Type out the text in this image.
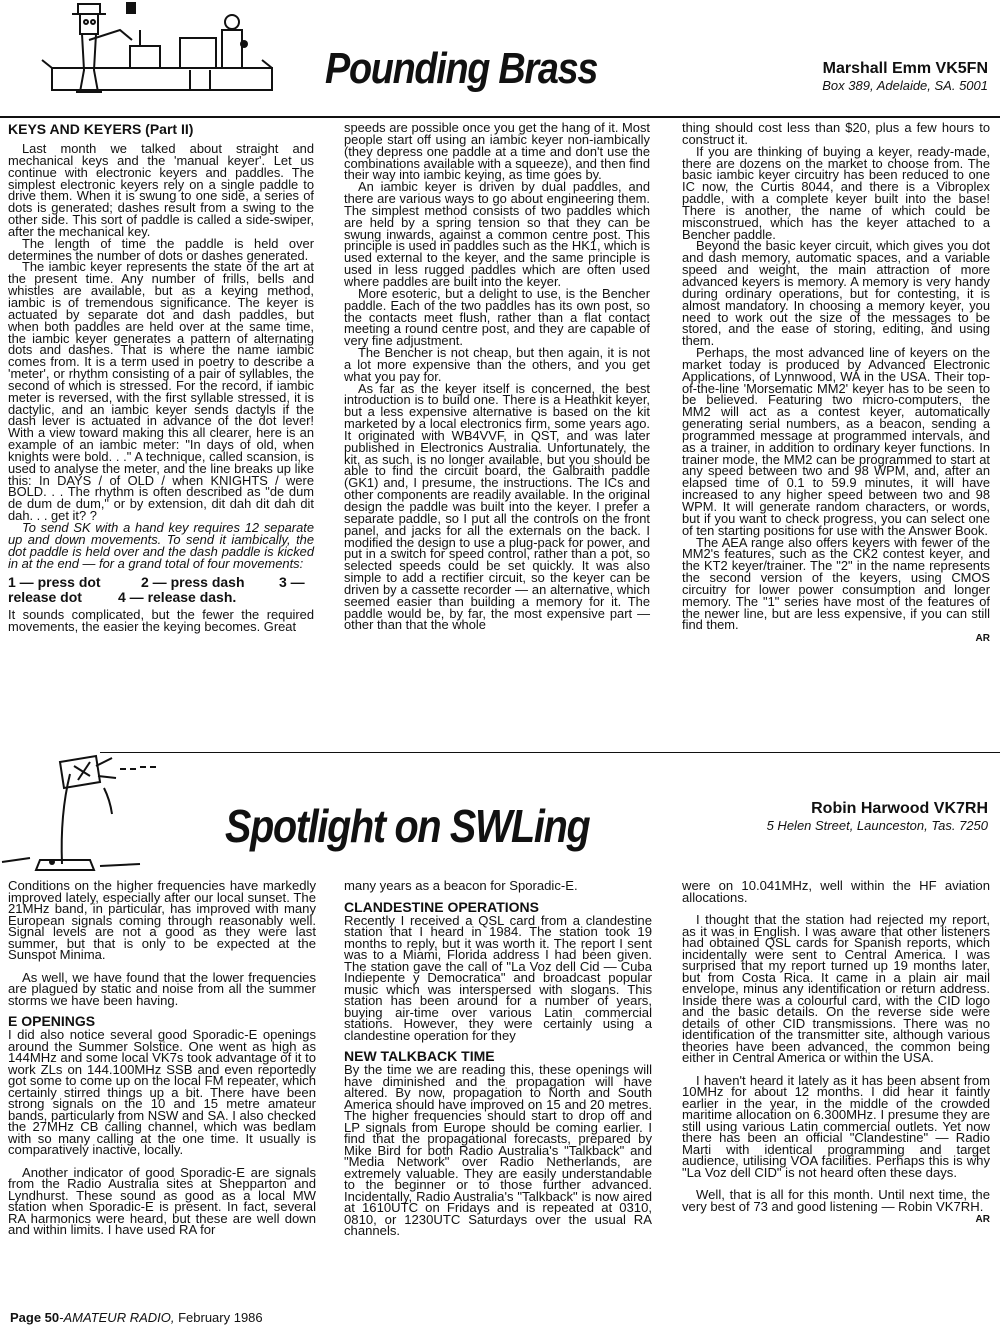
Pounding Brass	Marshall Emm VK5FN
Box 389, Adelaide, SA. 5001
KEYS AND KEYERS (Part II)

Last month we talked about straight and mechanical keys and the 'manual keyer'. Let us continue with electronic keyers and paddles. The simplest electronic keyers rely on a single paddle to drive them. When it is swung to one side, a series of dots is generated; dashes result from a swing to the other side. This sort of paddle is called a side-swiper, after the mechanical key.

The length of time the paddle is held over determines the number of dots or dashes generated.

The iambic keyer represents the state of the art at the present time. Any number of frills, bells and whistles are available, but as a keying method, iambic is of tremendous significance. The keyer is actuated by separate dot and dash paddles, but when both paddles are held over at the same time, the iambic keyer generates a pattern of alternating dots and dashes. That is where the name iambic comes from. It is a term used in poetry to describe a 'meter', or rhythm consisting of a pair of syllables, the second of which is stressed. For the record, if iambic meter is reversed, with the first syllable stressed, it is dactylic, and an iambic keyer sends dactyls if the dash lever is actuated in advance of the dot lever! With a view toward making this all clearer, here is an example of an iambic meter: "In days of old, when knights were bold. . ." A technique, called scansion, is used to analyse the meter, and the line breaks up like this: In DAYS / of OLD / when KNIGHTS / were BOLD. . . The rhythm is often described as "de dum de dum de dum," or by extension, dit dah dit dah dit dah. . . get it? ?

To send SK with a hand key requires 12 separate up and down movements. To send it iambically, the dot paddle is held over and the dash paddle is kicked in at the end — for a grand total of four movements:

1 — press dot	2 — press dash 3 —
release dot	4 — release dash.

It sounds complicated, but the fewer the required movements, the easier the keying becomes. Great

speeds are possible once you get the hang of it. Most people start off using an iambic keyer non-iambically (they depress one paddle at a time and don't use the combinations available with a squeeze), and then find their way into iambic keying, as time goes by.

An iambic keyer is driven by dual paddles, and there are various ways to go about engineering them. The simplest method consists of two paddles which are held by a spring tension so that they can be swung inwards, against a common centre post. This principle is used in paddles such as the HK1, which is used external to the keyer, and the same principle is used in less rugged paddles which are often used where paddles are built into the keyer.

More esoteric, but a delight to use, is the Bencher paddle. Each of the two paddles has its own post, so the contacts meet flush, rather than a flat contact meeting a round centre post, and they are capable of very fine adjustment.

The Bencher is not cheap, but then again, it is not a lot more expensive than the others, and you get what you pay for.

As far as the keyer itself is concerned, the best introduction is to build one. There is a Heathkit keyer, but a less expensive alternative is based on the kit marketed by a local electronics firm, some years ago. It originated with WB4VVF, in QST, and was later published in Electronics Australia. Unfortunately, the kit, as such, is no longer available, but you should be able to find the circuit board, the Galbraith paddle (GK1) and, I presume, the instructions. The ICs and other components are readily available. In the original design the paddle was built into the keyer. I prefer a separate paddle, so I put all the controls on the front panel, and jacks for all the externals on the back. I modified the design to use a plug-pack for power, and put in a switch for speed control, rather than a pot, so selected speeds could be set quickly. It was also simple to add a rectifier circuit, so the keyer can be driven by a cassette recorder — an alternative, which seemed easier than building a memory for it. The paddle would be, by far, the most expensive part — other than that the whole

thing should cost less than $20, plus a few hours to construct it.

If you are thinking of buying a keyer, ready-made, there are dozens on the market to choose from. The basic iambic keyer circuitry has been reduced to one IC now, the Curtis 8044, and there is a Vibroplex paddle, with a complete keyer built into the base! There is another, the name of which could be misconstrued, which has the keyer attached to a Bencher paddle.

Beyond the basic keyer circuit, which gives you dot and dash memory, automatic spaces, and a variable speed and weight, the main attraction of more advanced keyers is memory. A memory is very handy during ordinary operations, but for contesting, it is almost mandatory. In choosing a memory keyer, you need to work out the size of the messages to be stored, and the ease of storing, editing, and using them.

Perhaps, the most advanced line of keyers on the market today is produced by Advanced Electronic Applications, of Lynnwood, WA in the USA. Their top-of-the-line 'Morsematic MM2' keyer has to be seen to be believed. Featuring two micro-computers, the MM2 will act as a contest keyer, automatically generating serial numbers, as a beacon, sending a programmed message at programmed intervals, and as a trainer, in addition to ordinary keyer functions. In trainer mode, the MM2 can be programmed to start at any speed between two and 98 WPM, and, after an elapsed time of 0.1 to 59.9 minutes, it will have increased to any higher speed between two and 98 WPM. It will generate random characters, or words, but if you want to check progress, you can select one of ten starting positions for use with the Answer Book.

The AEA range also offers keyers with fewer of the MM2's features, such as the CK2 contest keyer, and the KT2 keyer/trainer. The "2" in the name represents the second version of the keyers, using CMOS circuitry for lower power consumption and longer memory. The "1" series have most of the features of the newer line, but are less expensive, if you can still find them.

AR
Spotlight on SWLing	Robin Harwood VK7RH
5 Helen Street, Launceston, Tas. 7250

Conditions on the higher frequencies have markedly improved lately, especially after our local sunset. The 21MHz band, in particular, has improved with many European signals coming through reasonably well. Signal levels are not a good as they were last summer, but that is only to be expected at the Sunspot Minima.

As well, we have found that the lower frequencies are plagued by static and noise from all the summer storms we have been having.

E OPENINGS

I did also notice several good Sporadic-E openings around the Summer Solstice. One went as high as 144MHz and some local VK7s took advantage of it to work ZLs on 144.100MHz SSB and even reportedly got some to come up on the local FM repeater, which certainly stirred things up a bit. There have been strong signals on the 10 and 15 metre amateur bands, particularly from NSW and SA. I also checked the 27MHz CB calling channel, which was bedlam with so many calling at the one time. It usually is comparatively inactive, locally.

Another indicator of good Sporadic-E are signals from the Radio Australia sites at Shepparton and Lyndhurst. These sound as good as a local MW station when Sporadic-E is present. In fact, several RA harmonics were heard, but these are well down and within limits. I have used RA for

many years as a beacon for Sporadic-E.

CLANDESTINE OPERATIONS

Recently I received a QSL card from a clandestine station that I heard in 1984. The station took 19 months to reply, but it was worth it. The report I sent was to a Miami, Florida address I had been given. The station gave the call of "La Voz dell Cid — Cuba Indiepente y Democratica" and broadcast popular music which was interspersed with slogans. This station has been around for a number of years, buying air-time over various Latin commercial stations. However, they were certainly using a clandestine operation for they

NEW TALKBACK TIME

By the time we are reading this, these openings will have diminished and the propagation will have altered. By now, propagation to North and South America should have improved on 15 and 20 metres. The higher frequencies should start to drop off and LP signals from Europe should be coming earlier. I find that the propagational forecasts, prepared by Mike Bird for both Radio Australia's "Talkback" and "Media Network" over Radio Netherlands, are extremely valuable. They are easily understandable to the beginner or to those further advanced. Incidentally, Radio Australia's "Talkback" is now aired at 1610UTC on Fridays and is repeated at 0310, 0810, or 1230UTC Saturdays over the usual RA channels.

were on 10.041MHz, well within the HF aviation allocations.

I thought that the station had rejected my report, as it was in English. I was aware that other listeners had obtained QSL cards for Spanish reports, which incidentally were sent to Central America. I was surprised that my report turned up 19 months later, but from Costa Rica. It came in a plain air mail envelope, minus any identification or return address. Inside there was a colourful card, with the CID logo and the basic details. On the reverse side were details of other CID transmissions. There was no identification of the transmitter site, although various theories have been advanced, the common being either in Central America or within the USA.

I haven't heard it lately as it has been absent from 10MHz for about 12 months. I did hear it faintly earlier in the year, in the middle of the crowded maritime allocation on 6.300MHz. I presume they are still using various Latin commercial outlets. Yet now there has been an official "Clandestine" — Radio Marti with identical programming and target audience, utilising VOA facilities. Perhaps this is why "La Voz dell CID" is not heard often these days.

Well, that is all for this month. Until next time, the very best of 73 and good listening — Robin VK7RH.

AR
Page 50-AMATEUR RADIO, February 1986
